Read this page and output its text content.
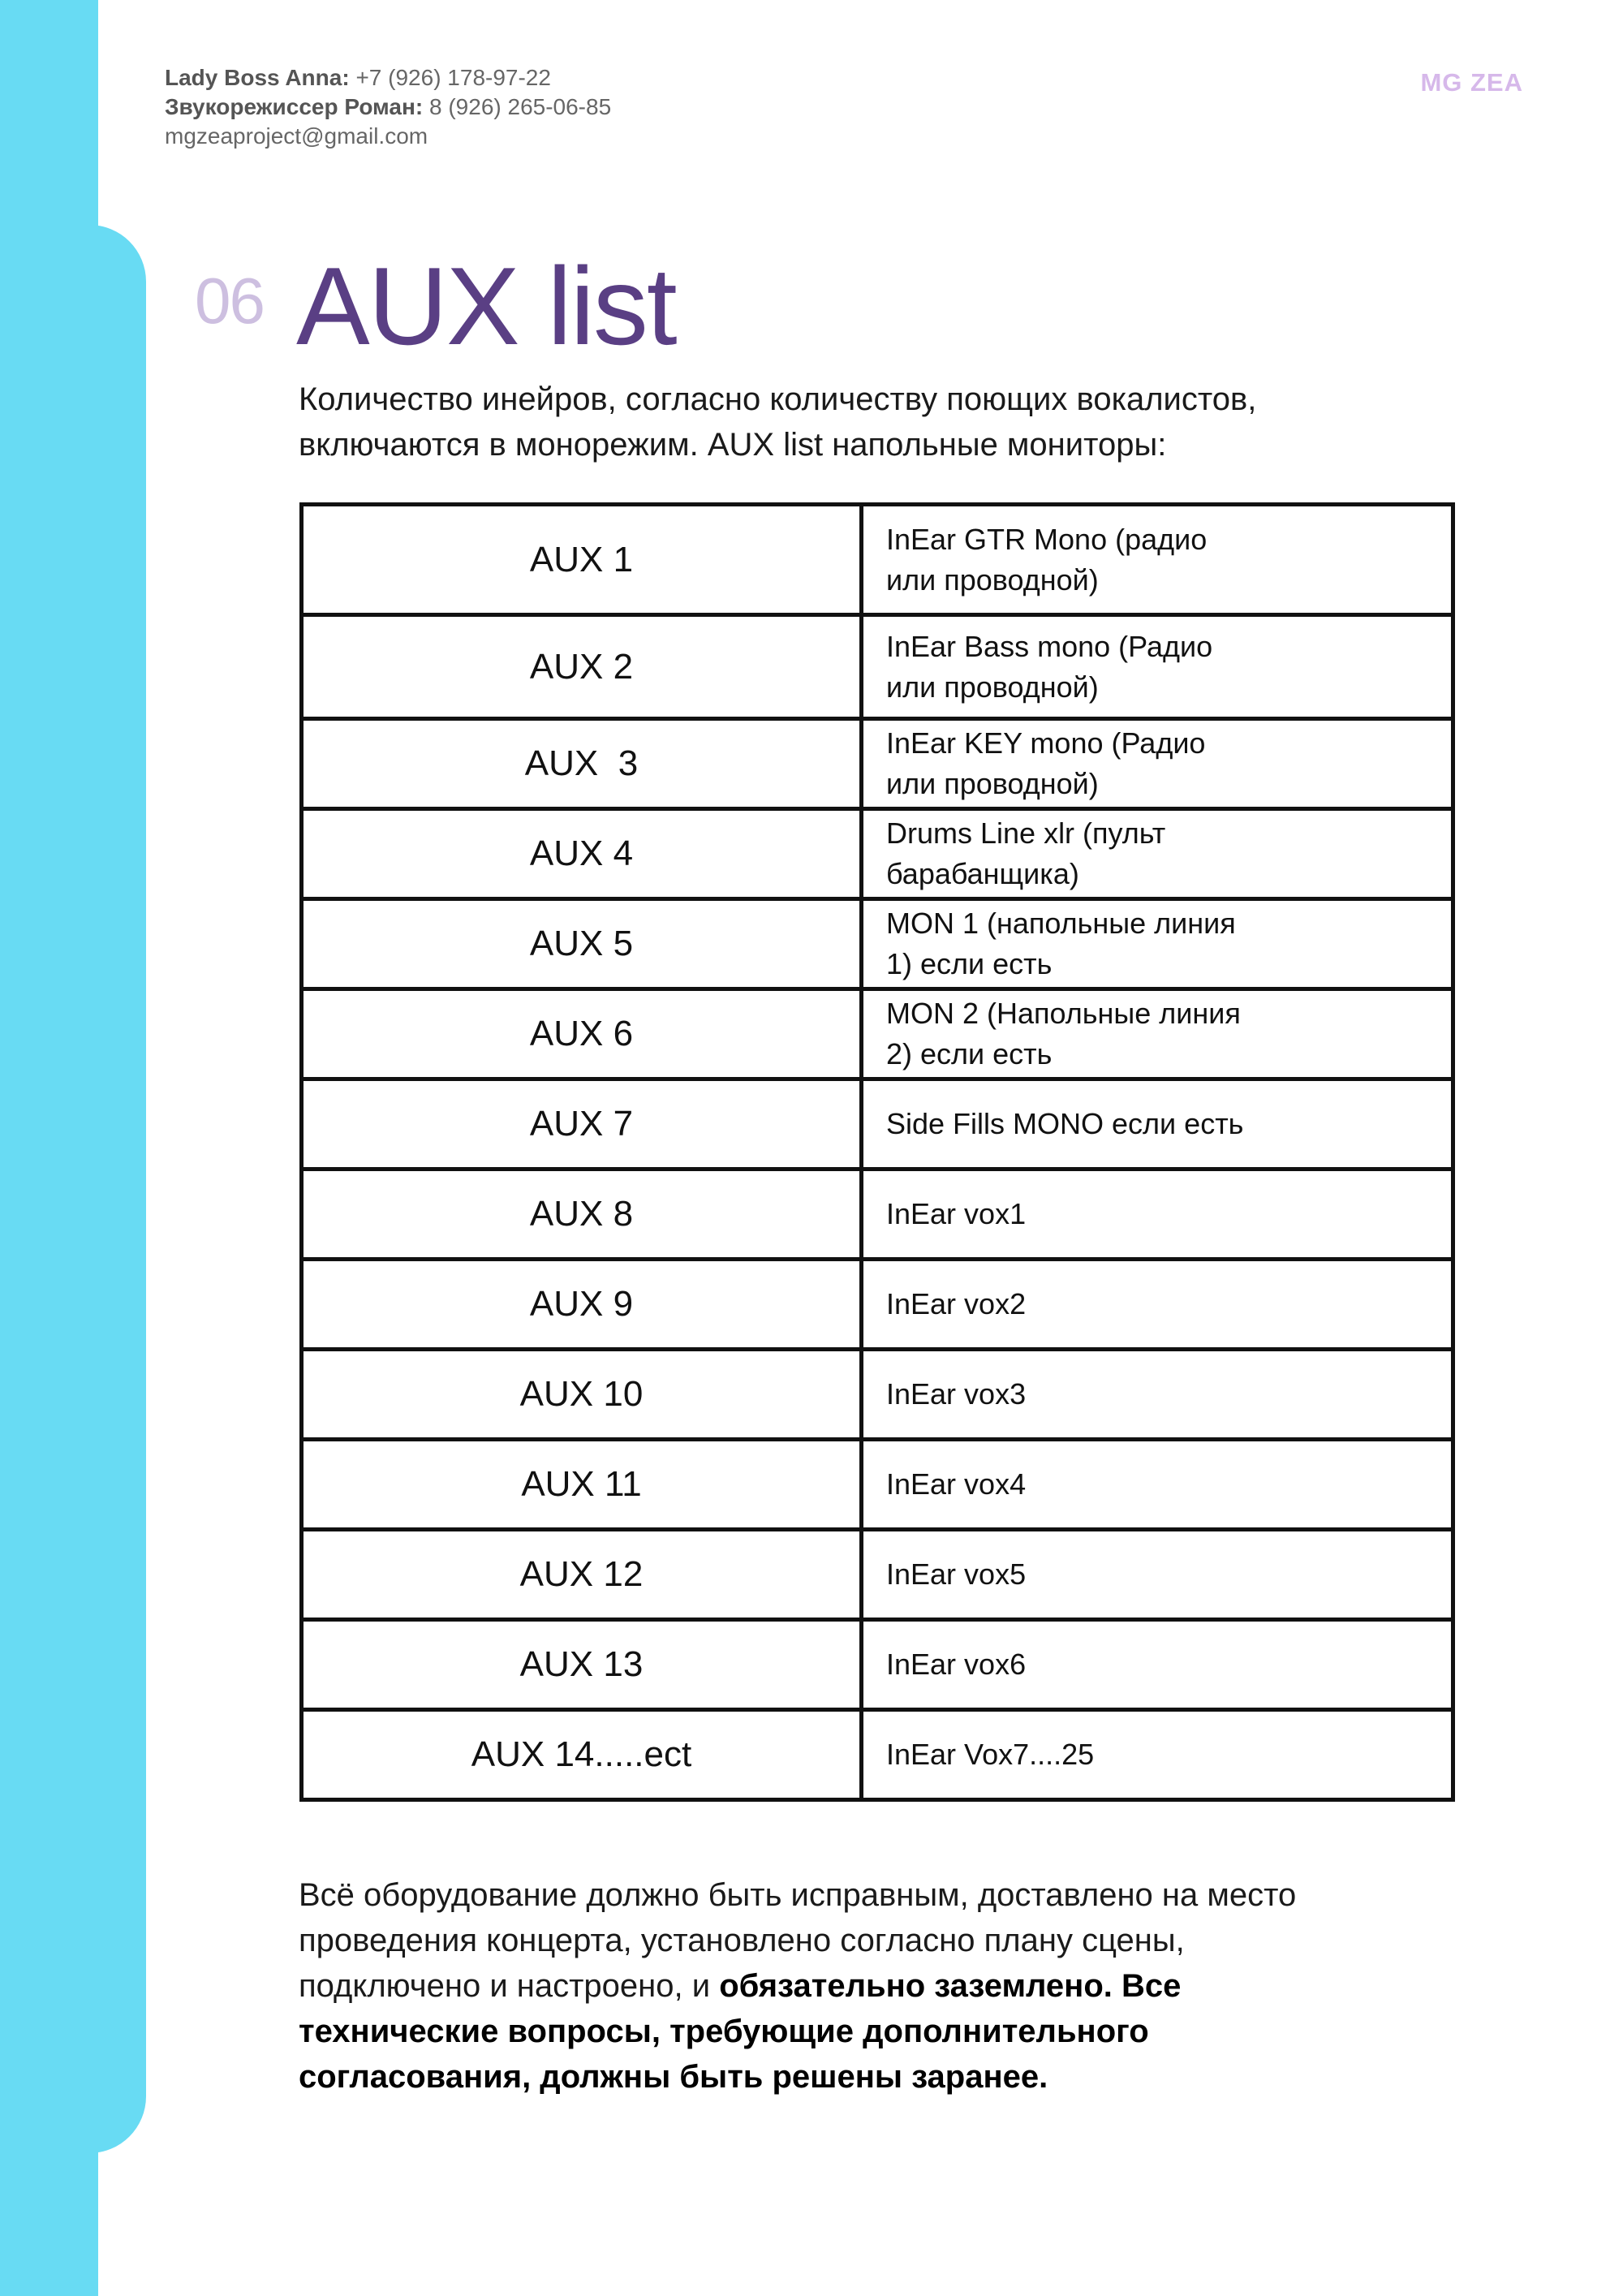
Lady Boss Anna: +7 (926) 178-97-22
Звукорежиссер Роман: 8 (926) 265-06-85
mgzeaproject@gmail.com
MG ZEA
06 AUX list
Количество инейров, согласно количеству поющих вокалистов,
включаются в монорежим. AUX list напольные мониторы:
AUX 1	InEar GTR Mono (радио
или проводной)

AUX 2	InEar Bass mono (Радио
или проводной)

AUX  3	InEar KEY mono (Радио
или проводной)

AUX 4	Drums Line xlr (пульт
барабанщика)

AUX 5	MON 1 (напольные линия
1) если есть

AUX 6	MON 2 (Напольные линия
2) если есть

AUX 7	Side Fills MONO если есть
AUX 8	InEar vox1
AUX 9	InEar vox2
AUX 10	InEar vox3
AUX 11	InEar vox4
AUX 12	InEar vox5
AUX 13	InEar vox6
AUX 14.....ect	InEar Vox7....25
Всё оборудование должно быть исправным, доставлено на место
проведения концерта, установлено согласно плану сцены,
подключено и настроено, и обязательно заземлено. Все
технические вопросы, требующие дополнительного
согласования, должны быть решены заранее.
